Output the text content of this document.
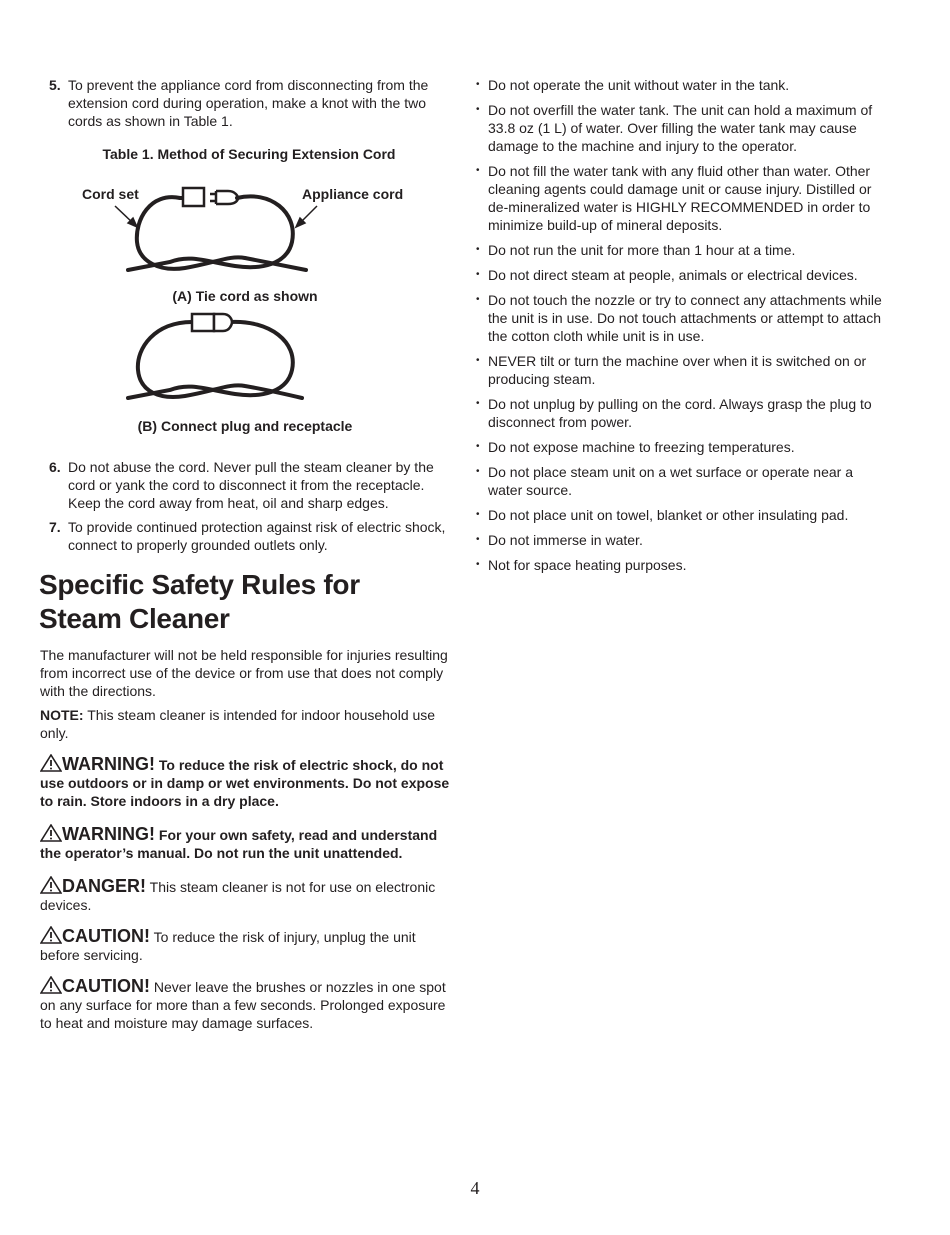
5. To prevent the appliance cord from disconnecting from the extension cord during operation, make a knot with the two cords as shown in Table 1.
Table 1. Method of Securing Extension Cord
Cord set	Appliance cord
(A) Tie cord as shown
(B) Connect plug and receptacle
6. Do not abuse the cord. Never pull the steam cleaner by the cord or yank the cord to disconnect it from the receptacle. Keep the cord away from heat, oil and sharp edges.
7. To provide continued protection against risk of electric shock, connect to properly grounded outlets only.
Specific Safety Rules for Steam Cleaner

The manufacturer will not be held responsible for injuries resulting from incorrect use of the device or from use that does not comply with the directions.

NOTE: This steam cleaner is intended for indoor household use only.

WARNING! To reduce the risk of electric shock, do not use outdoors or in damp or wet environments. Do not expose to rain. Store indoors in a dry place.
WARNING! For your own safety, read and understand the operator’s manual. Do not run the unit unattended.
DANGER! This steam cleaner is not for use on electronic devices.
CAUTION! To reduce the risk of injury, unplug the unit before servicing.
CAUTION! Never leave the brushes or nozzles in one spot on any surface for more than a few seconds. Prolonged exposure to heat and moisture may damage surfaces.
• Do not operate the unit without water in the tank.
• Do not overfill the water tank. The unit can hold a maximum of 33.8 oz (1 L) of water. Over filling the water tank may cause damage to the machine and injury to the operator.
• Do not fill the water tank with any fluid other than water. Other cleaning agents could damage unit or cause injury. Distilled or de-mineralized water is HIGHLY RECOMMENDED in order to minimize build-up of mineral deposits.
• Do not run the unit for more than 1 hour at a time.
• Do not direct steam at people, animals or electrical devices.
• Do not touch the nozzle or try to connect any attachments while the unit is in use. Do not touch attachments or attempt to attach the cotton cloth while unit is in use.
• NEVER tilt or turn the machine over when it is switched on or producing steam.
• Do not unplug by pulling on the cord. Always grasp the plug to disconnect from power.
• Do not expose machine to freezing temperatures.
• Do not place steam unit on a wet surface or operate near a water source.
• Do not place unit on towel, blanket or other insulating pad.
• Do not immerse in water.
• Not for space heating purposes.
4
